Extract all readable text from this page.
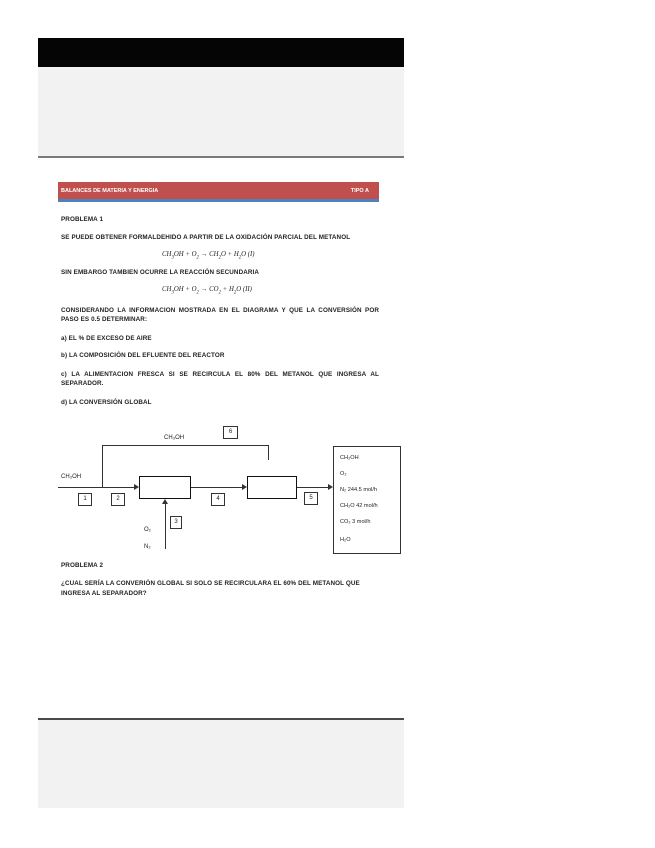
BALANCES DE MATERIA Y ENERGIA	TIPO A
PROBLEMA 1
SE PUEDE OBTENER FORMALDEHIDO A PARTIR DE LA OXIDACIÓN PARCIAL DEL METANOL
$CH_3OH + O_2 \to CH_2O + H_2O$ (I)
SIN EMBARGO TAMBIEN OCURRE LA REACCIÓN SECUNDARIA
$CH_3OH + O_2 \to CO_2 + H_2O$ (II)
CONSIDERANDO LA INFORMACION MOSTRADA EN EL DIAGRAMA Y QUE LA CONVERSIÓN POR PASO ES 0.5 DETERMINAR:
a) EL % DE EXCESO DE AIRE
b) LA COMPOSICIÓN DEL EFLUENTE DEL REACTOR
c) LA ALIMENTACION FRESCA SI SE RECIRCULA EL 80% DEL METANOL QUE INGRESA AL SEPARADOR.
d) LA CONVERSIÓN GLOBAL
6
CH₃OH
CH₃OH
1	2	4	5
3
O₂
N₂
CH₂OH
O₂
N₂ 244.5 mol/h
CH₂O 42 mol/h
CO₂ 3 mol/h
H₂O
PROBLEMA 2
¿CUAL SERÍA LA CONVERIÓN GLOBAL SI SOLO SE RECIRCULARA EL 60% DEL METANOL QUE INGRESA AL SEPARADOR?
